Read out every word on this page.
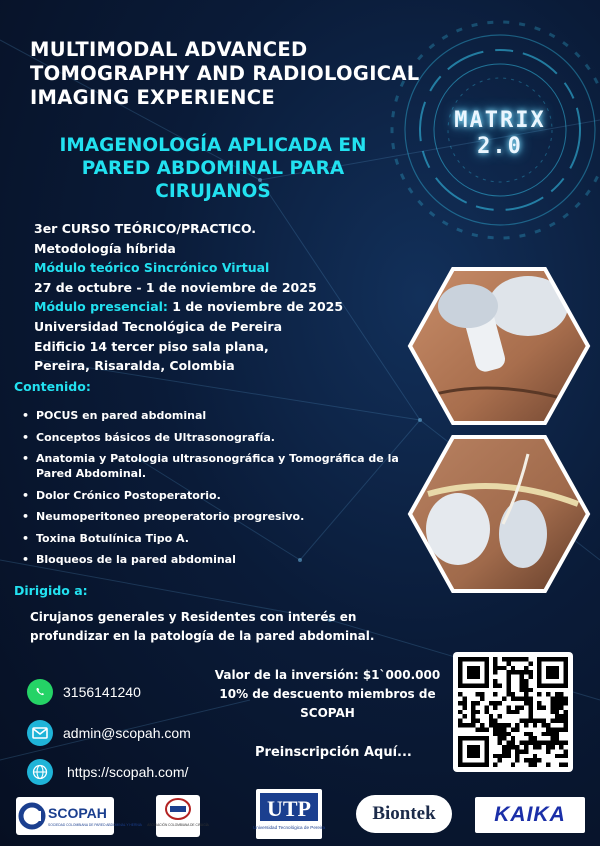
MULTIMODAL ADVANCED
TOMOGRAPHY AND RADIOLOGICAL
IMAGING EXPERIENCE
MATRIX
2.0
IMAGENOLOGÍA APLICADA EN
PARED ABDOMINAL PARA
CIRUJANOS
3er CURSO TEÓRICO/PRACTICO.
Metodología híbrida
Módulo teórico Sincrónico Virtual
27 de octubre - 1 de noviembre de 2025
Módulo presencial: 1 de noviembre de 2025
Universidad Tecnológica de Pereira
Edificio 14 tercer piso sala plana,
Pereira, Risaralda, Colombia
Contenido:
• POCUS en pared abdominal
• Conceptos básicos de Ultrasonografía.
• Anatomia y Patologia ultrasonográfica y Tomográfica de la Pared Abdominal.
• Dolor Crónico Postoperatorio.
• Neumoperitoneo preoperatorio progresivo.
• Toxina Botulínica Tipo A.
• Bloqueos de la pared abdominal
Dirigido a:
Cirujanos generales y Residentes con interés en
profundizar en la patología de la pared abdominal.
3156141240
admin@scopah.com
https://scopah.com/
Valor de la inversión: $1`000.000
10% de descuento miembros de
SCOPAH
Preinscripción Aquí...
SCOPAH
SOCIEDAD COLOMBIANA DE PARED ABDOMINAL Y HERNIA ASOCIACIÓN COLOMBIANA DE CIRUGÍA
UTP
Universidad Tecnológica de Pereira
Biontek	KAIKA
